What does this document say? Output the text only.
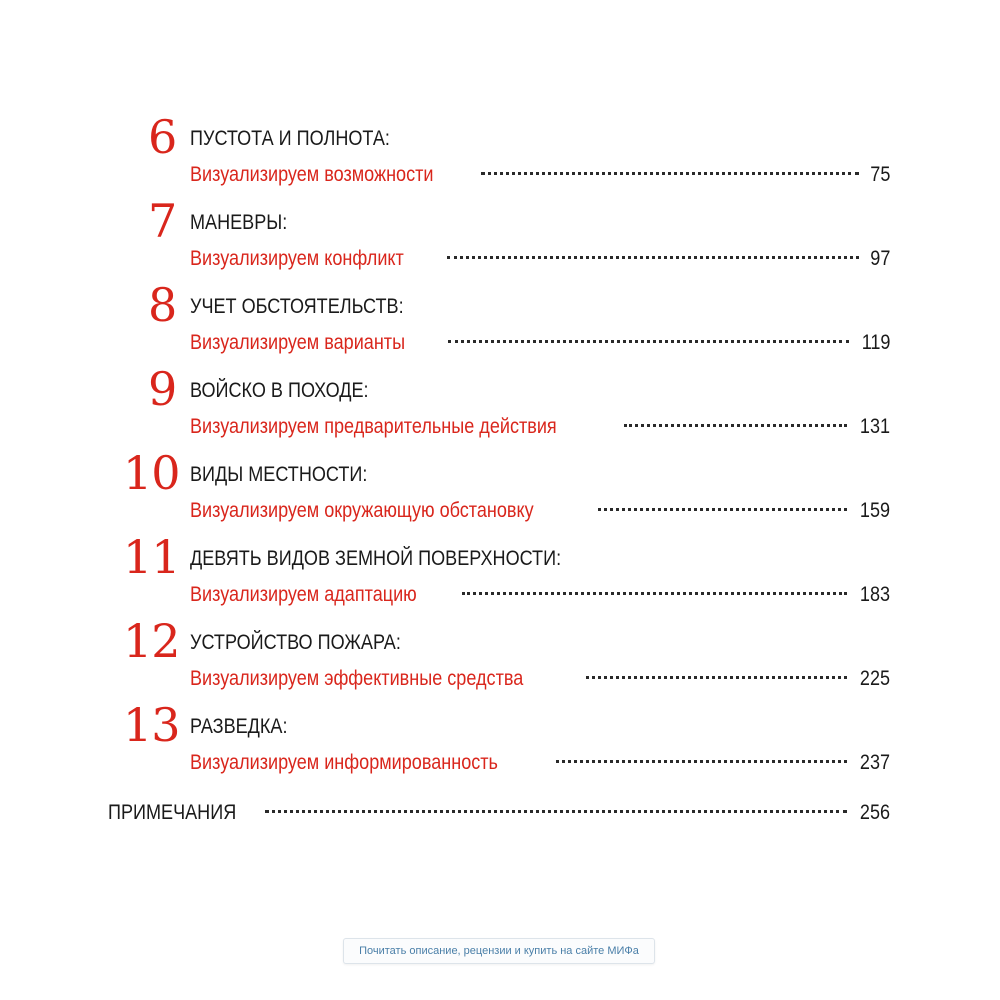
6 ПУСТОТА И ПОЛНОТА:
Визуализируем возможности	75
7 МАНЕВРЫ:
Визуализируем конфликт	97
8 УЧЕТ ОБСТОЯТЕЛЬСТВ:
Визуализируем варианты	119
9 ВОЙСКО В ПОХОДЕ:
Визуализируем предварительные действия	131
10 ВИДЫ МЕСТНОСТИ:
Визуализируем окружающую обстановку	159
11 ДЕВЯТЬ ВИДОВ ЗЕМНОЙ ПОВЕРХНОСТИ:
Визуализируем адаптацию	183
12 УСТРОЙСТВО ПОЖАРА:
Визуализируем эффективные средства	225
13 РАЗВЕДКА:
Визуализируем информированность	237
ПРИМЕЧАНИЯ	256
Почитать описание, рецензии и купить на сайте МИФа
